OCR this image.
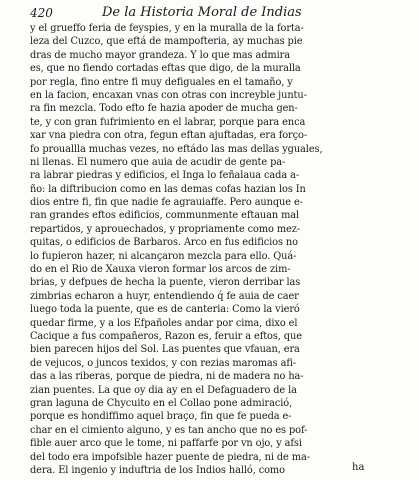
420	De la Historia Moral de Indias
y el grueffo feria de feyspies, y en la muralla de la forta-
leza del Cuzco, que eftá de mampofteria, ay muchas pie
dras de mucho mayor grandeza. Y lo que mas admira
es, que no fiendo cortadas eftas que digo, de la muralla
por regla, fino entre fi muy defiguales en el tamaño, y
en la facion, encaxan vnas con otras con increyble juntu-
ra fin mezcla. Todo efto fe hazia apoder de mucha gen-
te, y con gran fufrimiento en el labrar, porque para enca
xar vna piedra con otra, fegun eftan ajuftadas, era forço-
fo prouallla muchas vezes, no eftádo las mas dellas yguales,
ni llenas. El numero que auia de acudir de gente pa-
ra labrar piedras y edificios, el Inga lo feñalaua cada a-
ño: la diftribucion como en las demas cofas hazian los In
dios entre fi, fin que nadie fe agrauiaffe. Pero aunque e-
ran grandes eftos edificios, communmente eftauan mal
repartidos, y aprouechados, y propriamente como mez-
quitas, o edificios de Barbaros. Arco en fus edificios no
lo fupieron hazer, ni alcançaron mezcla para ello. Quá-
do en el Rio de Xauxa vieron formar los arcos de zim-
brias, y defpues de hecha la puente, vieron derribar las
zimbrias echaron a huyr, entendiendo q́ fe auia de caer
luego toda la puente, que es de canteria: Como la vieró
quedar firme, y a los Efpañoles andar por cima, dixo el
Cacique a fus compañeros, Razon es, feruir a eftos, que
bien parecen hijos del Sol. Las puentes que vfauan, era
de vejucos, o juncos texidos, y con rezias maromas afi-
das a las riberas, porque de piedra, ni de madera no ha-
zian puentes. La que oy dia ay en el Defaguadero de la
gran laguna de Chycuito en el Collao pone admiració,
porque es hondiffimo aquel braço, fin que fe pueda e-
char en el cimiento alguno, y es tan ancho que no es pof-
fible auer arco que le tome, ni paffarfe por vn ojo, y afsi
del todo era impofsible hazer puente de piedra, ni de ma-
dera. El ingenio y induftria de los Indios halló, como	ha
